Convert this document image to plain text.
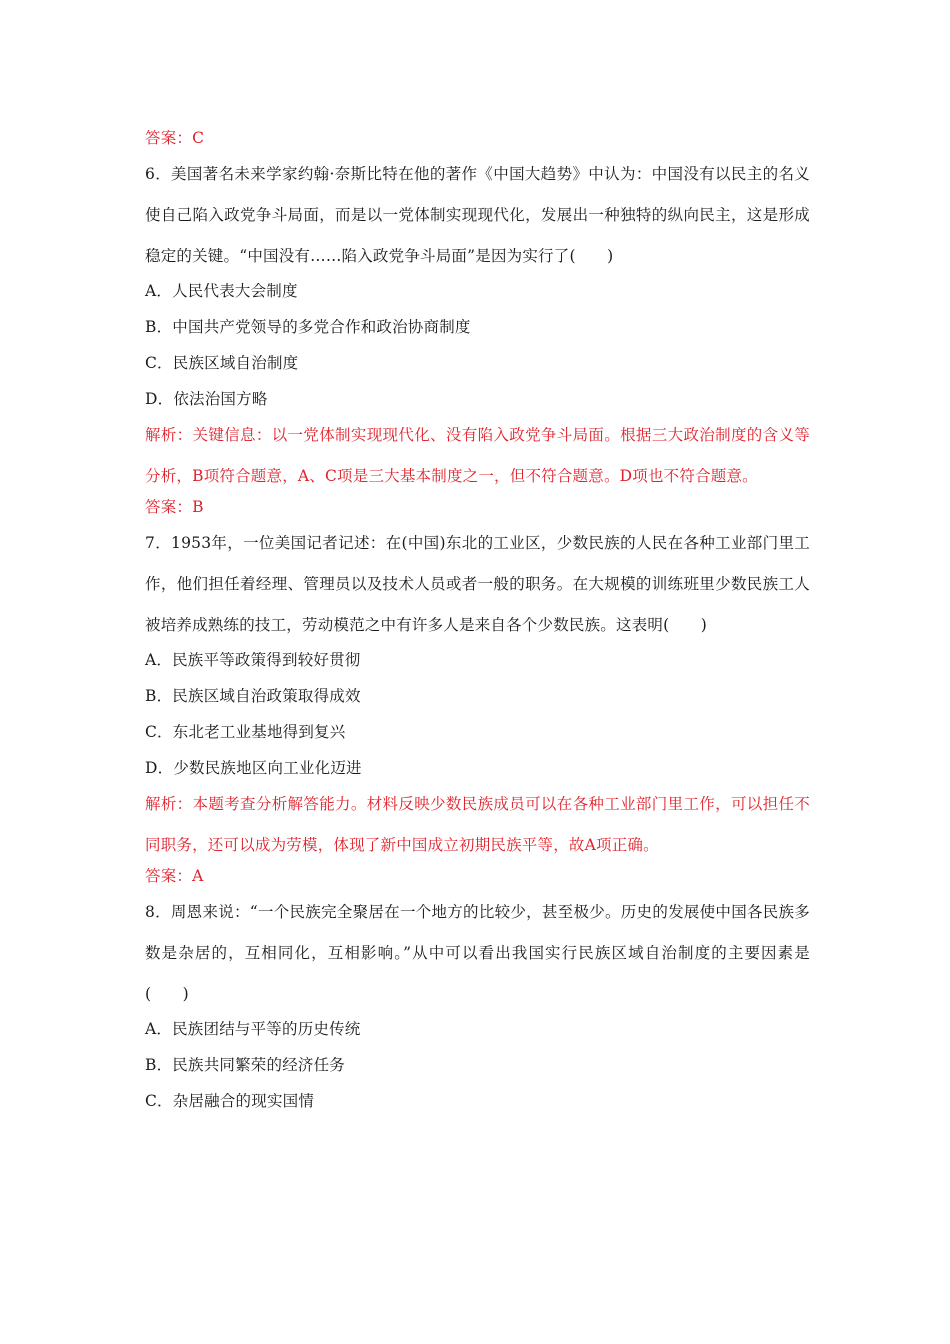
答案：C
6．美国著名未来学家约翰·奈斯比特在他的著作《中国大趋势》中认为：中国没有以民主的名义使自己陷入政党争斗局面，而是以一党体制实现现代化，发展出一种独特的纵向民主，这是形成稳定的关键。“中国没有……陷入政党争斗局面”是因为实行了(　　)
A．人民代表大会制度
B．中国共产党领导的多党合作和政治协商制度
C．民族区域自治制度
D．依法治国方略
解析：关键信息：以一党体制实现现代化、没有陷入政党争斗局面。根据三大政治制度的含义等分析，B项符合题意，A、C项是三大基本制度之一，但不符合题意。D项也不符合题意。
答案：B
7．1953年，一位美国记者记述：在(中国)东北的工业区，少数民族的人民在各种工业部门里工作，他们担任着经理、管理员以及技术人员或者一般的职务。在大规模的训练班里少数民族工人被培养成熟练的技工，劳动模范之中有许多人是来自各个少数民族。这表明(　　)
A．民族平等政策得到较好贯彻
B．民族区域自治政策取得成效
C．东北老工业基地得到复兴
D．少数民族地区向工业化迈进
解析：本题考查分析解答能力。材料反映少数民族成员可以在各种工业部门里工作，可以担任不同职务，还可以成为劳模，体现了新中国成立初期民族平等，故A项正确。
答案：A
8．周恩来说：“一个民族完全聚居在一个地方的比较少，甚至极少。历史的发展使中国各民族多数是杂居的，互相同化，互相影响。”从中可以看出我国实行民族区域自治制度的主要因素是(　　)
A．民族团结与平等的历史传统
B．民族共同繁荣的经济任务
C．杂居融合的现实国情
